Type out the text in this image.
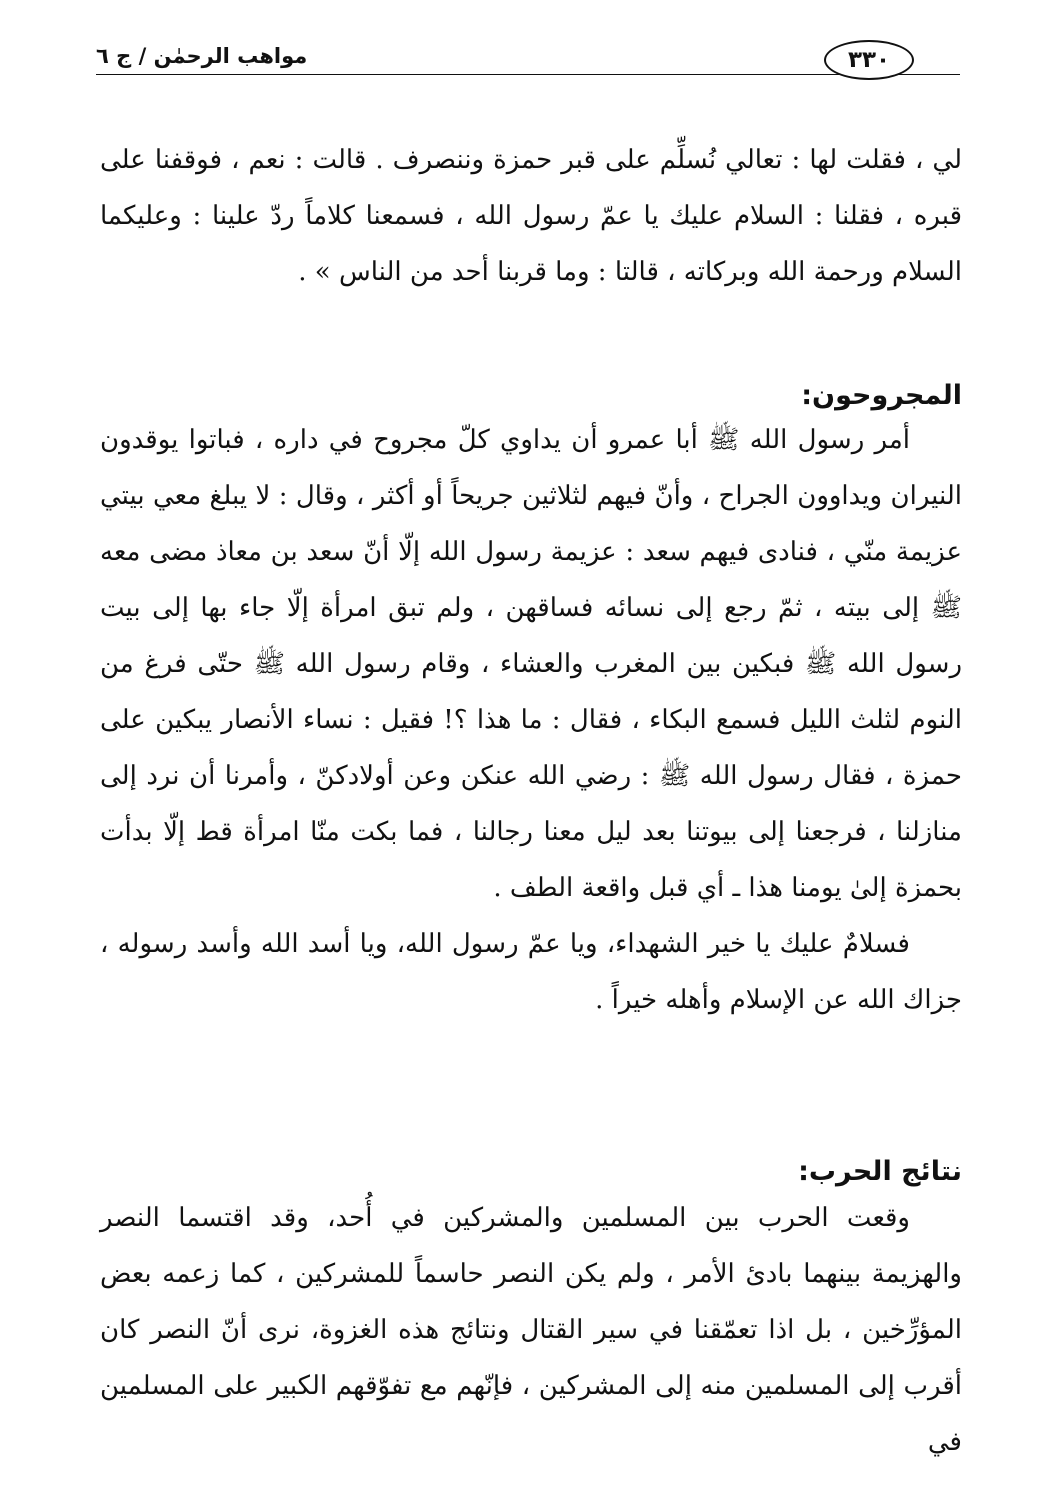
مواهب الرحمٰن / ج ٦	٣٣٠

لي ، فقلت لها : تعالي نُسلِّم على قبر حمزة وننصرف . قالت : نعم ، فوقفنا على قبره ، فقلنا : السلام عليك يا عمّ رسول الله ، فسمعنا كلاماً ردّ علينا : وعليكما السلام ورحمة الله وبركاته ، قالتا : وما قربنا أحد من الناس » .

المجروحون:

أمر رسول الله ﷺ أبا عمرو أن يداوي كلّ مجروح في داره ، فباتوا يوقدون النيران ويداوون الجراح ، وأنّ فيهم لثلاثين جريحاً أو أكثر ، وقال : لا يبلغ معي بيتي عزيمة منّي ، فنادى فيهم سعد : عزيمة رسول الله إلّا أنّ سعد بن معاذ مضى معه ﷺ إلى بيته ، ثمّ رجع إلى نسائه فساقهن ، ولم تبق امرأة إلّا جاء بها إلى بيت رسول الله ﷺ فبكين بين المغرب والعشاء ، وقام رسول الله ﷺ حتّى فرغ من النوم لثلث الليل فسمع البكاء ، فقال : ما هذا ؟! فقيل : نساء الأنصار يبكين على حمزة ، فقال رسول الله ﷺ : رضي الله عنكن وعن أولادكنّ ، وأمرنا أن نرد إلى منازلنا ، فرجعنا إلى بيوتنا بعد ليل معنا رجالنا ، فما بكت منّا امرأة قط إلّا بدأت بحمزة إلىٰ يومنا هذا ـ أي قبل واقعة الطف .

فسلامٌ عليك يا خير الشهداء، ويا عمّ رسول الله، ويا أسد الله وأسد رسوله ، جزاك الله عن الإسلام وأهله خيراً .

نتائج الحرب:

وقعت الحرب بين المسلمين والمشركين في أُحد، وقد اقتسما النصر والهزيمة بينهما بادئ الأمر ، ولم يكن النصر حاسماً للمشركين ، كما زعمه بعض المؤرِّخين ، بل اذا تعمّقنا في سير القتال ونتائج هذه الغزوة، نرى أنّ النصر كان أقرب إلى المسلمين منه إلى المشركين ، فإنّهم مع تفوّقهم الكبير على المسلمين في
